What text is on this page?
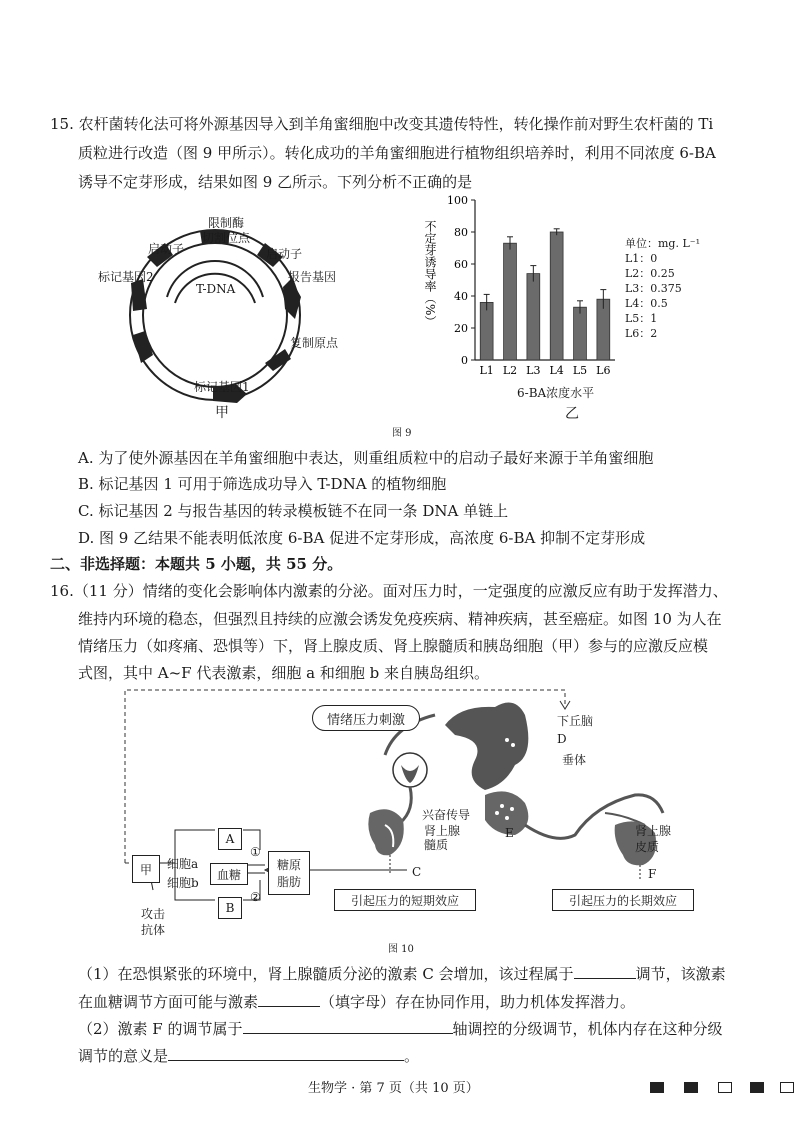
15. 农杆菌转化法可将外源基因导入到羊角蜜细胞中改变其遗传特性，转化操作前对野生农杆菌的 Ti
质粒进行改造（图 9 甲所示）。转化成功的羊角蜜细胞进行植物组织培养时，利用不同浓度 6-BA
诱导不定芽形成，结果如图 9 乙所示。下列分析不正确的是
限制酶
切割位点
启动子	启动子
标记基因2	报告基因
T-DNA
复制原点
标记基因1
甲
不定芽诱导率（%）
0
20
40
60
80
100
L1 L2 L3 L4 L5 L6
6-BA浓度水平
乙
单位：mg. L⁻¹
L1：0
L2：0.25
L3：0.375
L4：0.5
L5：1
L6：2
图 9
A. 为了使外源基因在羊角蜜细胞中表达，则重组质粒中的启动子最好来源于羊角蜜细胞
B. 标记基因 1 可用于筛选成功导入 T-DNA 的植物细胞
C. 标记基因 2 与报告基因的转录模板链不在同一条 DNA 单链上
D. 图 9 乙结果不能表明低浓度 6-BA 促进不定芽形成，高浓度 6-BA 抑制不定芽形成
二、非选择题：本题共 5 小题，共 55 分。
16.（11 分）情绪的变化会影响体内激素的分泌。面对压力时，一定强度的应激反应有助于发挥潜力、
维持内环境的稳态，但强烈且持续的应激会诱发免疫疾病、精神疾病，甚至癌症。如图 10 为人在
情绪压力（如疼痛、恐惧等）下，肾上腺皮质、肾上腺髓质和胰岛细胞（甲）参与的应激反应模
式图，其中 A~F 代表激素，细胞 a 和细胞 b 来自胰岛组织。
情绪压力刺激	下丘脑
D
垂体
兴奋传导
肾上腺
髓质
E	肾上腺
皮质
C	F
引起压力的短期效应	引起压力的长期效应
甲	细胞a
细胞b
A
B
①
②
血糖
糖原
脂肪
攻击
抗体
图 10
（1）在恐惧紧张的环境中，肾上腺髓质分泌的激素 C 会增加，该过程属于	调节，该激素
在血糖调节方面可能与激素	（填字母）存在协同作用，助力机体发挥潜力。
（2）激素 F 的调节属于	轴调控的分级调节，机体内存在这种分级
调节的意义是	。
生物学 · 第 7 页（共 10 页）
